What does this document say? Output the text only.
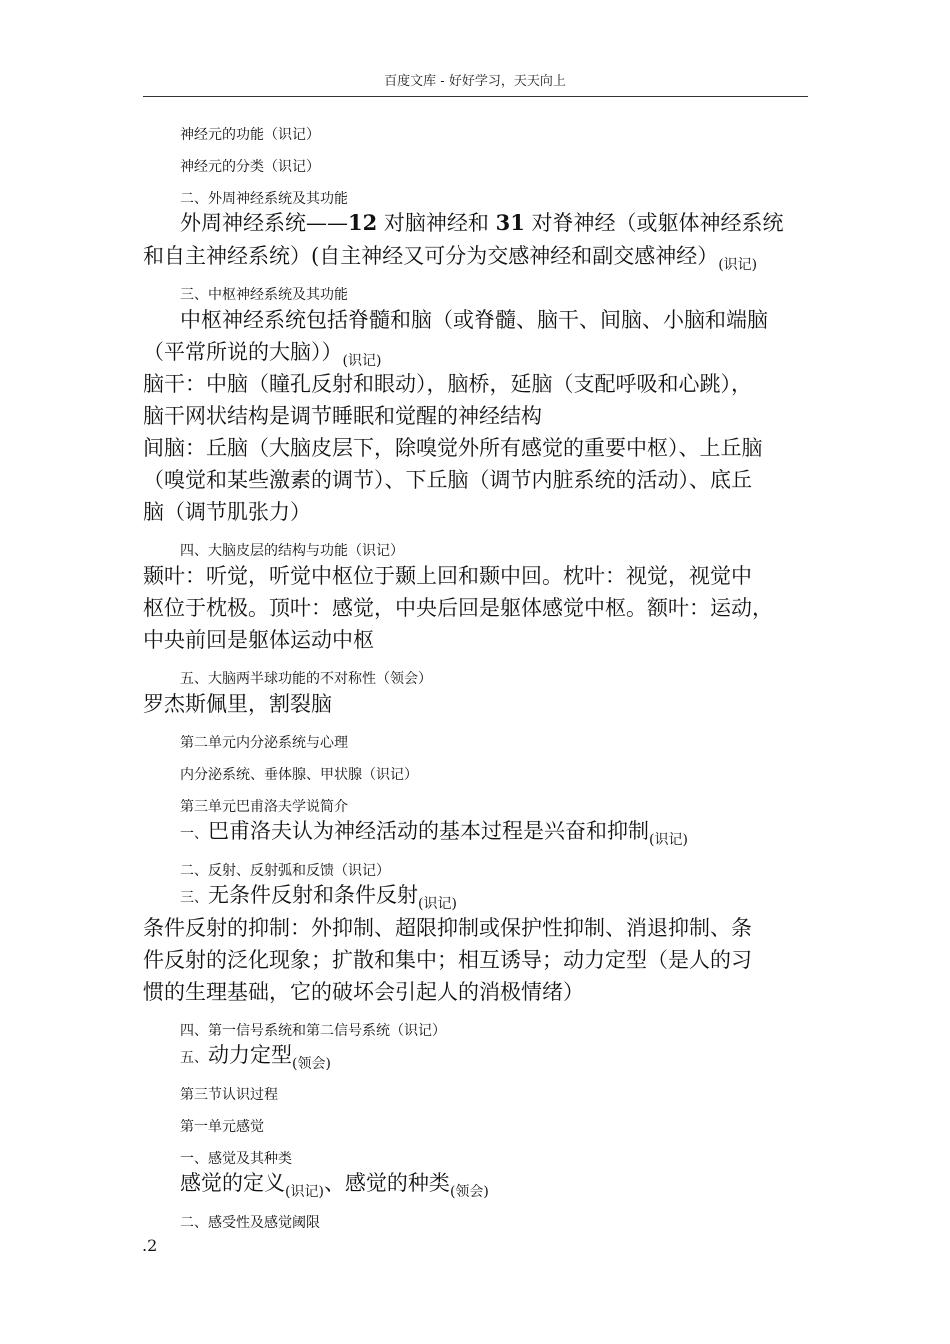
百度文库 - 好好学习，天天向上
神经元的功能（识记）
神经元的分类（识记）
二、外周神经系统及其功能
外周神经系统——12 对脑神经和 31 对脊神经（或躯体神经系统
和自主神经系统）(自主神经又可分为交感神经和副交感神经）$_{(识记)}$
三、中枢神经系统及其功能
中枢神经系统包括脊髓和脑（或脊髓、脑干、间脑、小脑和端脑
（平常所说的大脑））$_{(识记)}$
脑干：中脑（瞳孔反射和眼动），脑桥，延脑（支配呼吸和心跳），
脑干网状结构是调节睡眠和觉醒的神经结构
间脑：丘脑（大脑皮层下，除嗅觉外所有感觉的重要中枢）、上丘脑
（嗅觉和某些激素的调节）、下丘脑（调节内脏系统的活动）、底丘
脑（调节肌张力）
四、大脑皮层的结构与功能（识记）
颞叶：听觉，听觉中枢位于颞上回和颞中回。枕叶：视觉，视觉中
枢位于枕极。顶叶：感觉，中央后回是躯体感觉中枢。额叶：运动，
中央前回是躯体运动中枢
五、大脑两半球功能的不对称性（领会）
罗杰斯佩里，割裂脑
第二单元内分泌系统与心理
内分泌系统、垂体腺、甲状腺（识记）
第三单元巴甫洛夫学说简介
一、巴甫洛夫认为神经活动的基本过程是兴奋和抑制(识记)
二、反射、反射弧和反馈（识记）
三、无条件反射和条件反射(识记)
条件反射的抑制：外抑制、超限抑制或保护性抑制、消退抑制、条
件反射的泛化现象；扩散和集中；相互诱导；动力定型（是人的习
惯的生理基础，它的破坏会引起人的消极情绪）
四、第一信号系统和第二信号系统（识记）
五、动力定型(领会)
第三节认识过程
第一单元感觉
一、感觉及其种类
感觉的定义(识记)、感觉的种类(领会)
二、感受性及感觉阈限
.2
